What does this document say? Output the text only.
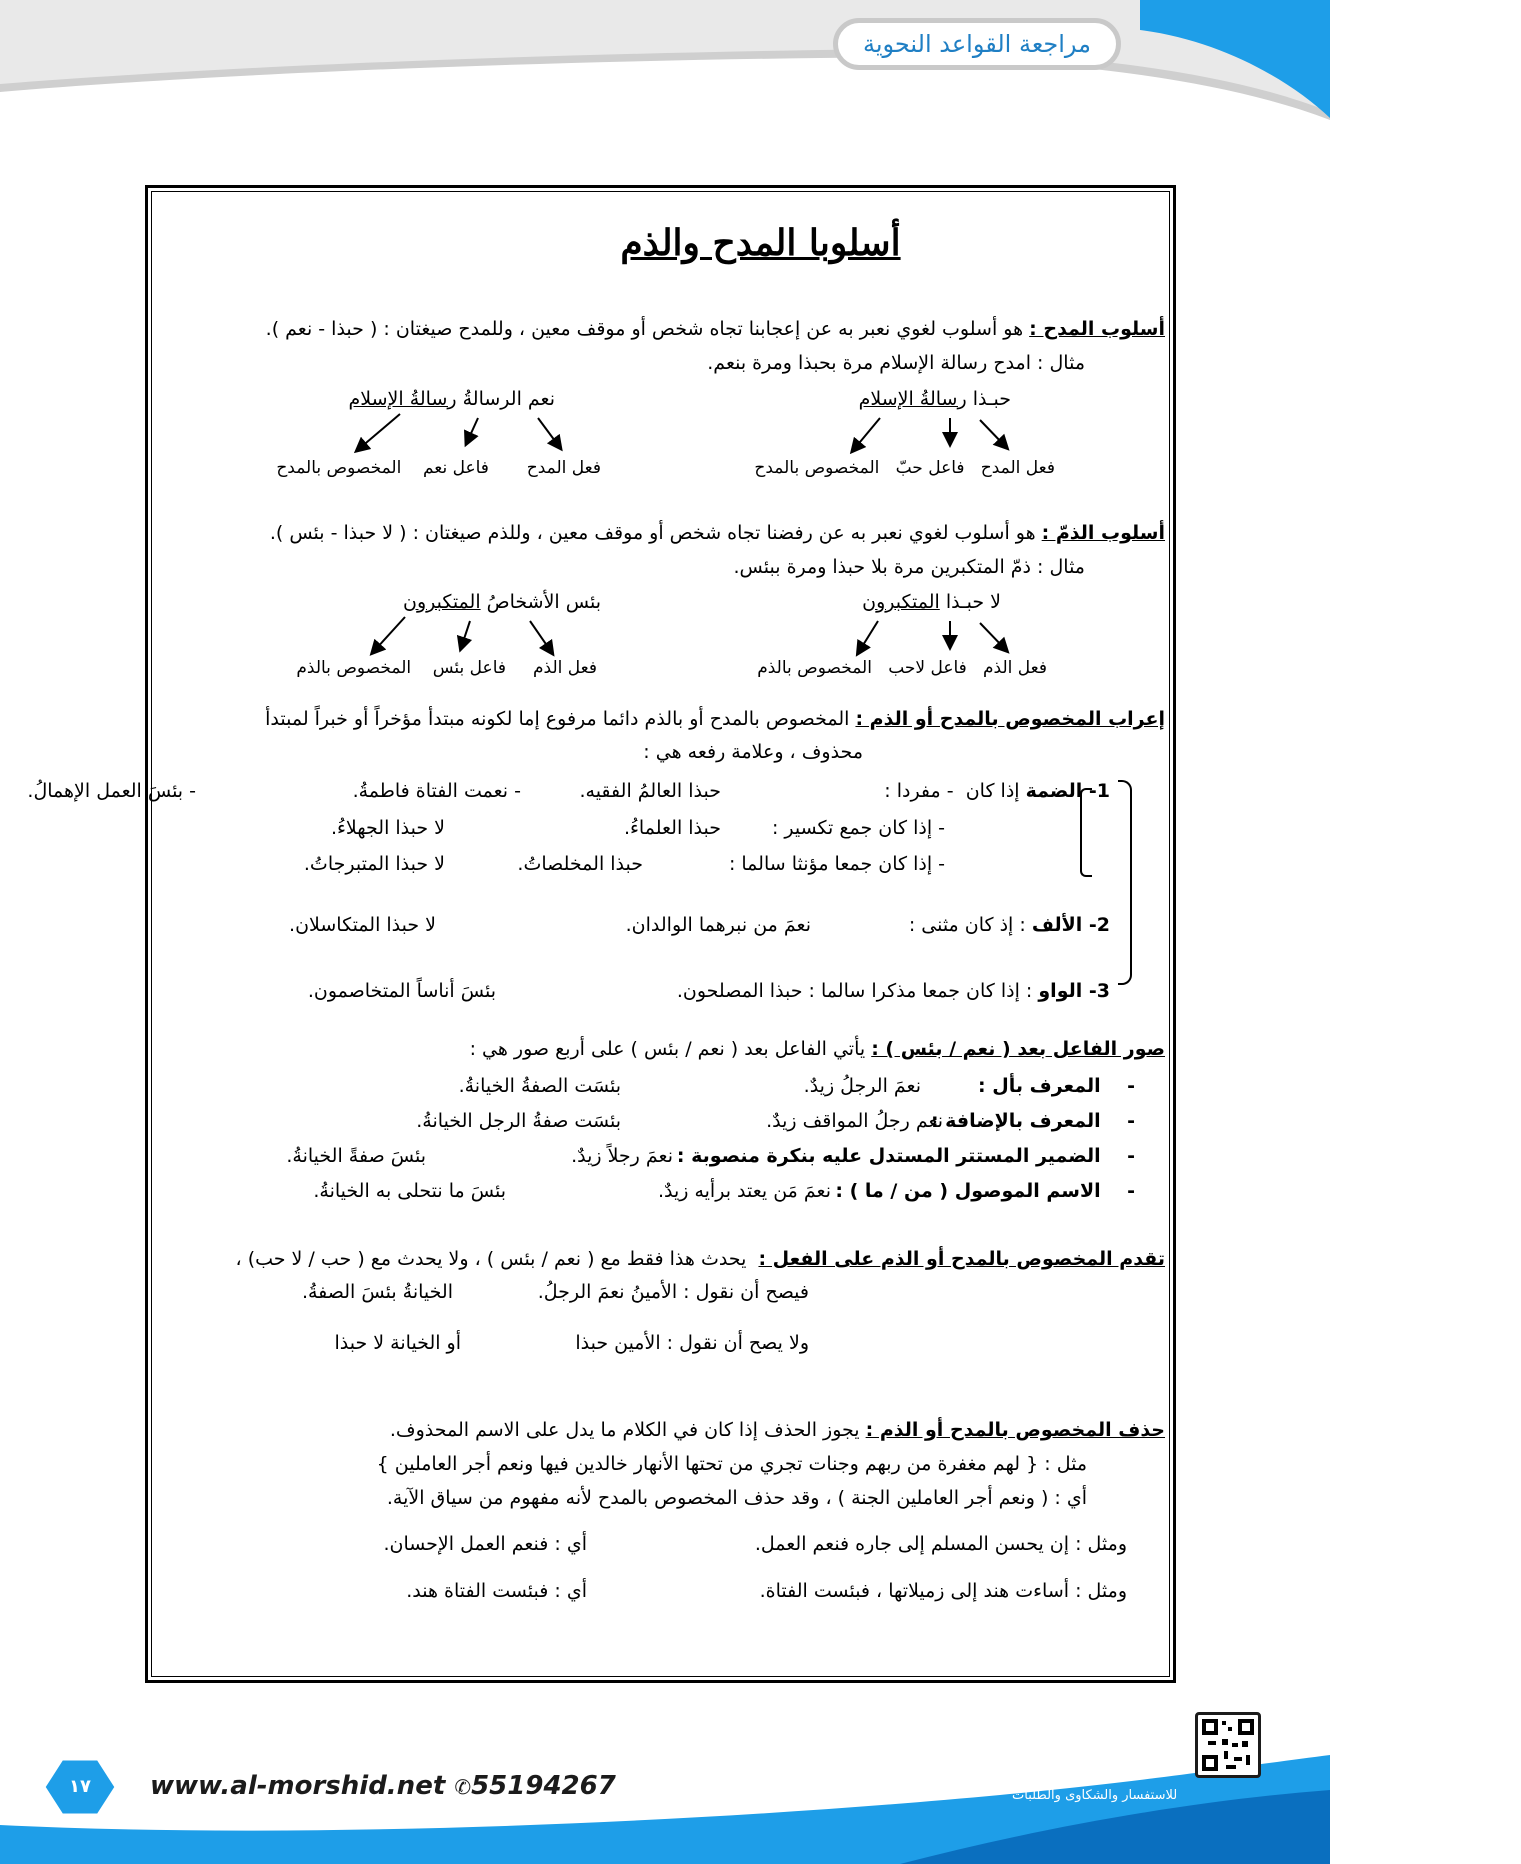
مراجعة القواعد النحوية
أسلوبا المدح والذم
أسلوب المدح : هو أسلوب لغوي نعبر به عن إعجابنا تجاه شخص أو موقف معين ، وللمدح صيغتان : ( حبذا - نعم ).
مثال : امدح رسالة الإسلام مرة بحبذا ومرة بنعم.
حبـذا رسالةُ الإسلام
نعم الرسالةُ رسالةُ الإسلام
فعل المدح   فاعل حبّ   المخصوص بالمدح
فعل المدح       فاعل نعم    المخصوص بالمدح
أسلوب الذمّ : هو أسلوب لغوي نعبر به عن رفضنا تجاه شخص أو موقف معين ، وللذم صيغتان : ( لا حبذا - بئس ).
مثال : ذمّ المتكبرين مرة بلا حبذا ومرة ببئس.
لا حبـذا المتكبرون
بئس الأشخاصُ المتكبرون
فعل الذم   فاعل لاحب   المخصوص بالذم
فعل الذم     فاعل بئس    المخصوص بالذم
إعراب المخصوص بالمدح أو الذم : المخصوص بالمدح أو بالذم دائما مرفوع إما لكونه مبتدأ مؤخراً أو خبراً لمبتدأ
محذوف ، وعلامة رفعه هي :
1- الضمة إذا كان  - مفردا :
حبذا العالمُ الفقيه.
- نعمت الفتاة فاطمةُ.
- بئسَ العمل الإهمالُ.
- إذا كان جمع تكسير :
حبذا العلماءُ.
لا حبذا الجهلاءُ.
- إذا كان جمعا مؤنثا سالما :
حبذا المخلصاتُ.
لا حبذا المتبرجاتُ.
2- الألف : إذ كان مثنى :
نعمَ من نبرهما الوالدان.
لا حبذا المتكاسلان.
3- الواو : إذا كان جمعا مذكرا سالما : حبذا المصلحون.
بئسَ أناساً المتخاصمون.
صور الفاعل بعد ( نعم / بئس ) : يأتي الفاعل بعد ( نعم / بئس ) على أربع صور هي :
-    المعرف بأل :
نعمَ الرجلُ زيدٌ.
بئسَت الصفةُ الخيانةُ.
-    المعرف بالإضافة :
نعم رجلُ المواقف زيدٌ.
بئسَت صفةُ الرجل الخيانةُ.
-    الضمير المستتر المستدل عليه بنكرة منصوبة :
نعمَ رجلاً زيدٌ.
بئسَ صفةً الخيانةُ.
-    الاسم الموصول ( من / ما ) :
نعمَ مَن يعتد برأيه زيدٌ.
بئسَ ما نتحلى به الخيانةُ.
تقدم المخصوص بالمدح أو الذم على الفعل :  يحدث هذا فقط مع ( نعم / بئس ) ، ولا يحدث مع ( حب / لا حب) ،
فيصح أن نقول : الأمينُ نعمَ الرجلُ.
الخيانةُ بئسَ الصفةُ.
ولا يصح أن نقول : الأمين حبذا
أو الخيانة لا حبذا
حذف المخصوص بالمدح أو الذم : يجوز الحذف إذا كان في الكلام ما يدل على الاسم المحذوف.
مثل : { لهم مغفرة من ربهم وجنات تجري من تحتها الأنهار خالدين فيها ونعم أجر العاملين }
أي : ( ونعم أجر العاملين الجنة ) ، وقد حذف المخصوص بالمدح لأنه مفهوم من سياق الآية.
ومثل : إن يحسن المسلم إلى جاره فنعم العمل.
أي : فنعم العمل الإحسان.
ومثل : أساءت هند إلى زميلاتها ، فبئست الفتاة.
أي : فبئست الفتاة هند.
١٧	www.al-morshid.net ✆55194267	للاستفسار والشكاوى والطلبات
